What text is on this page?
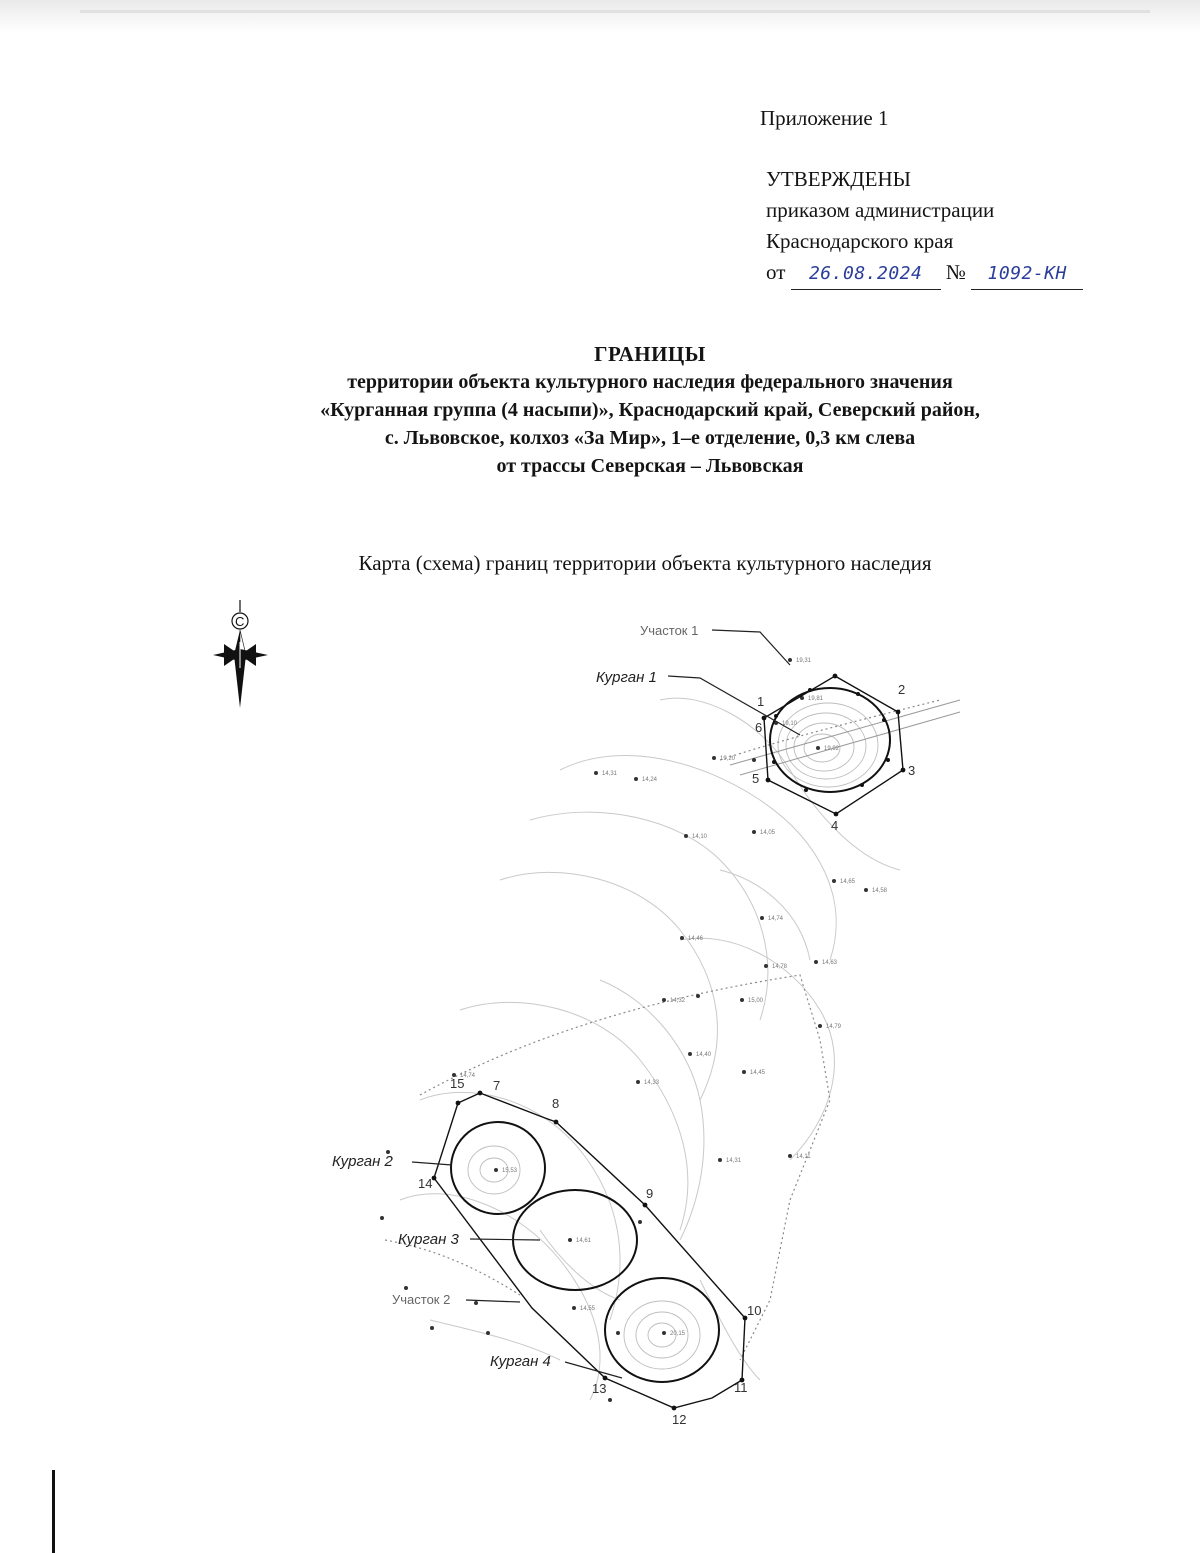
Приложение 1
УТВЕРЖДЕНЫ
приказом администрации
Краснодарского края
от 26.08.2024 № 1092-КН
ГРАНИЦЫ
территории объекта культурного наследия федерального значения
«Курганная группа (4 насыпи)», Краснодарский край, Северский район,
с. Львовское, колхоз «За Мир», 1–е отделение, 0,3 км слева
от трассы Северская – Львовская
Карта (схема) границ территории объекта культурного наследия
19,31
19,81
19,10
19,92
19,20
14,31
14,24
14,10
14,05
14,65
14,58
14,74
14,46
14,78
14,63
14,32	15,00
14,79
14,40
14,45
14,33
14,74
14,31
14,11
15,53
14,61
20,15
14,55
1
2
3
4
5
6
7
8
9
10
11
12
13
14
15
Участок 1
Курган 1
Курган 2
Курган 3
Участок 2
Курган 4
С
